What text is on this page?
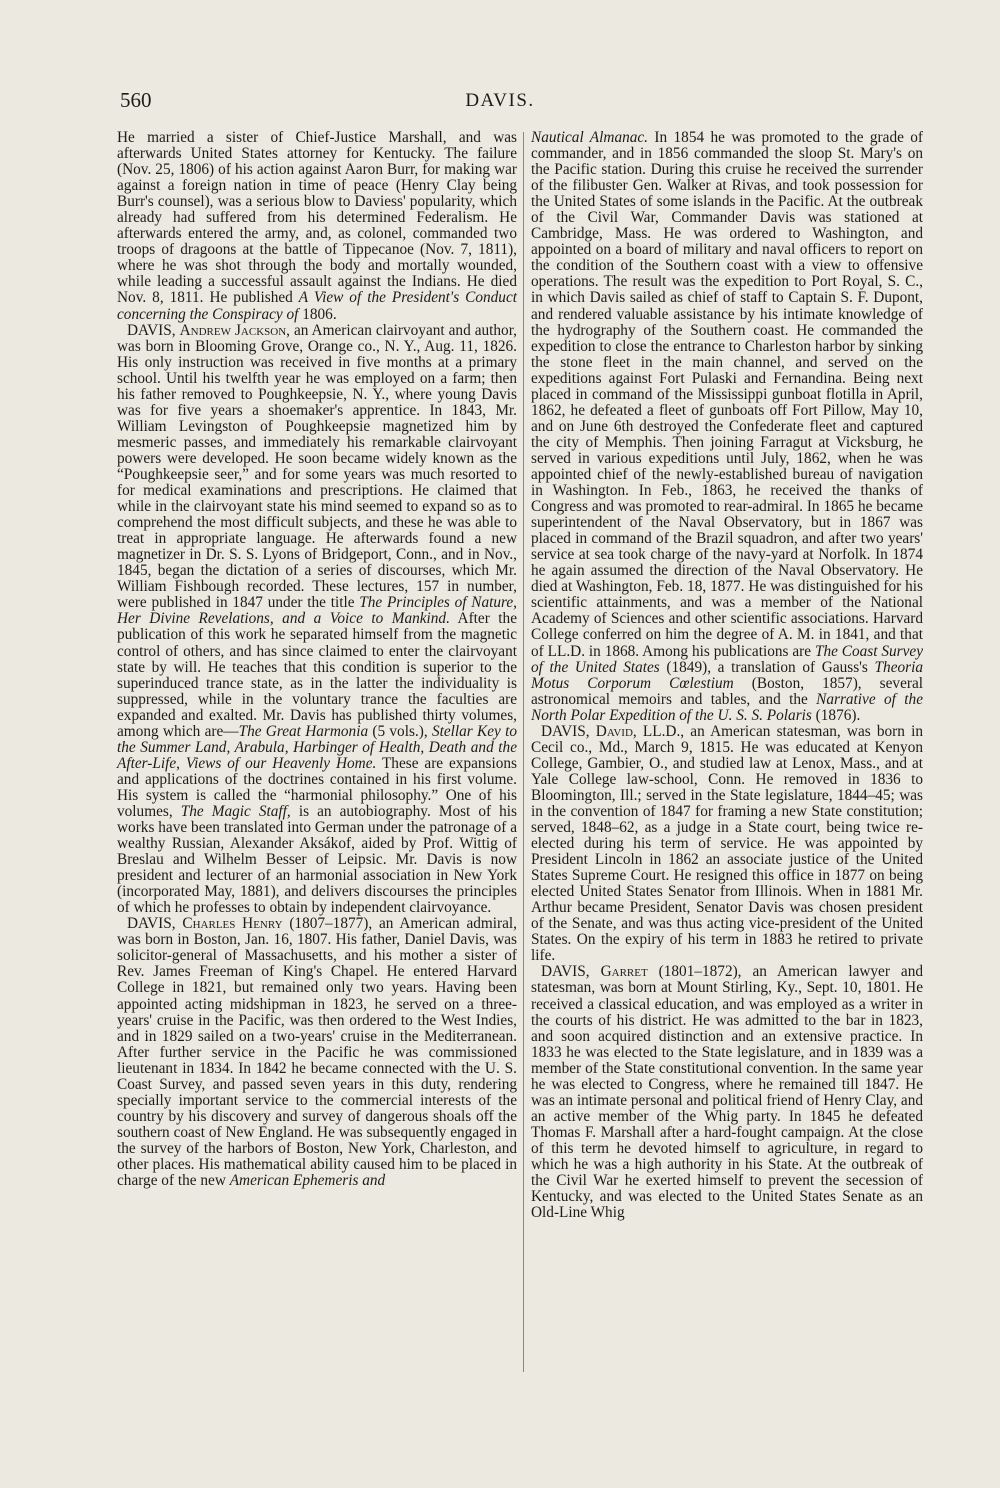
560	DAVIS.

He married a sister of Chief-Justice Marshall, and was afterwards United States attorney for Kentucky. The failure (Nov. 25, 1806) of his action against Aaron Burr, for making war against a foreign nation in time of peace (Henry Clay being Burr's counsel), was a serious blow to Daviess' popularity, which already had suffered from his determined Federalism. He afterwards entered the army, and, as colonel, commanded two troops of dragoons at the battle of Tippecanoe (Nov. 7, 1811), where he was shot through the body and mortally wounded, while leading a successful assault against the Indians. He died Nov. 8, 1811. He published A View of the President's Conduct concerning the Conspiracy of 1806.

DAVIS, Andrew Jackson, an American clairvoyant and author, was born in Blooming Grove, Orange co., N. Y., Aug. 11, 1826. His only instruction was received in five months at a primary school. Until his twelfth year he was employed on a farm; then his father removed to Poughkeepsie, N. Y., where young Davis was for five years a shoemaker's apprentice. In 1843, Mr. William Levingston of Poughkeepsie magnetized him by mesmeric passes, and immediately his remarkable clairvoyant powers were developed. He soon became widely known as the “Poughkeepsie seer,” and for some years was much resorted to for medical examinations and prescriptions. He claimed that while in the clairvoyant state his mind seemed to expand so as to comprehend the most difficult subjects, and these he was able to treat in appropriate language. He afterwards found a new magnetizer in Dr. S. S. Lyons of Bridgeport, Conn., and in Nov., 1845, began the dictation of a series of discourses, which Mr. William Fishbough recorded. These lectures, 157 in number, were published in 1847 under the title The Principles of Nature, Her Divine Revelations, and a Voice to Mankind. After the publication of this work he separated himself from the magnetic control of others, and has since claimed to enter the clairvoyant state by will. He teaches that this condition is superior to the superinduced trance state, as in the latter the individuality is suppressed, while in the voluntary trance the faculties are expanded and exalted. Mr. Davis has published thirty volumes, among which are—The Great Harmonia (5 vols.), Stellar Key to the Summer Land, Arabula, Harbinger of Health, Death and the After-Life, Views of our Heavenly Home. These are expansions and applications of the doctrines contained in his first volume. His system is called the “harmonial philosophy.” One of his volumes, The Magic Staff, is an autobiography. Most of his works have been translated into German under the patronage of a wealthy Russian, Alexander Aksákof, aided by Prof. Wittig of Breslau and Wilhelm Besser of Leipsic. Mr. Davis is now president and lecturer of an harmonial association in New York (incorporated May, 1881), and delivers discourses the principles of which he professes to obtain by independent clairvoyance.

DAVIS, Charles Henry (1807–1877), an American admiral, was born in Boston, Jan. 16, 1807. His father, Daniel Davis, was solicitor-general of Massachusetts, and his mother a sister of Rev. James Freeman of King's Chapel. He entered Harvard College in 1821, but remained only two years. Having been appointed acting midshipman in 1823, he served on a three-years' cruise in the Pacific, was then ordered to the West Indies, and in 1829 sailed on a two-years' cruise in the Mediterranean. After further service in the Pacific he was commissioned lieutenant in 1834. In 1842 he became connected with the U. S. Coast Survey, and passed seven years in this duty, rendering specially important service to the commercial interests of the country by his discovery and survey of dangerous shoals off the southern coast of New England. He was subsequently engaged in the survey of the harbors of Boston, New York, Charleston, and other places. His mathematical ability caused him to be placed in charge of the new American Ephemeris and

Nautical Almanac. In 1854 he was promoted to the grade of commander, and in 1856 commanded the sloop St. Mary's on the Pacific station. During this cruise he received the surrender of the filibuster Gen. Walker at Rivas, and took possession for the United States of some islands in the Pacific. At the outbreak of the Civil War, Commander Davis was stationed at Cambridge, Mass. He was ordered to Washington, and appointed on a board of military and naval officers to report on the condition of the Southern coast with a view to offensive operations. The result was the expedition to Port Royal, S. C., in which Davis sailed as chief of staff to Captain S. F. Dupont, and rendered valuable assistance by his intimate knowledge of the hydrography of the Southern coast. He commanded the expedition to close the entrance to Charleston harbor by sinking the stone fleet in the main channel, and served on the expeditions against Fort Pulaski and Fernandina. Being next placed in command of the Mississippi gunboat flotilla in April, 1862, he defeated a fleet of gunboats off Fort Pillow, May 10, and on June 6th destroyed the Confederate fleet and captured the city of Memphis. Then joining Farragut at Vicksburg, he served in various expeditions until July, 1862, when he was appointed chief of the newly-established bureau of navigation in Washington. In Feb., 1863, he received the thanks of Congress and was promoted to rear-admiral. In 1865 he became superintendent of the Naval Observatory, but in 1867 was placed in command of the Brazil squadron, and after two years' service at sea took charge of the navy-yard at Norfolk. In 1874 he again assumed the direction of the Naval Observatory. He died at Washington, Feb. 18, 1877. He was distinguished for his scientific attainments, and was a member of the National Academy of Sciences and other scientific associations. Harvard College conferred on him the degree of A. M. in 1841, and that of LL.D. in 1868. Among his publications are The Coast Survey of the United States (1849), a translation of Gauss's Theoria Motus Corporum Cœlestium (Boston, 1857), several astronomical memoirs and tables, and the Narrative of the North Polar Expedition of the U. S. S. Polaris (1876).

DAVIS, David, LL.D., an American statesman, was born in Cecil co., Md., March 9, 1815. He was educated at Kenyon College, Gambier, O., and studied law at Lenox, Mass., and at Yale College law-school, Conn. He removed in 1836 to Bloomington, Ill.; served in the State legislature, 1844–45; was in the convention of 1847 for framing a new State constitution; served, 1848–62, as a judge in a State court, being twice re-elected during his term of service. He was appointed by President Lincoln in 1862 an associate justice of the United States Supreme Court. He resigned this office in 1877 on being elected United States Senator from Illinois. When in 1881 Mr. Arthur became President, Senator Davis was chosen president of the Senate, and was thus acting vice-president of the United States. On the expiry of his term in 1883 he retired to private life.

DAVIS, Garret (1801–1872), an American lawyer and statesman, was born at Mount Stirling, Ky., Sept. 10, 1801. He received a classical education, and was employed as a writer in the courts of his district. He was admitted to the bar in 1823, and soon acquired distinction and an extensive practice. In 1833 he was elected to the State legislature, and in 1839 was a member of the State constitutional convention. In the same year he was elected to Congress, where he remained till 1847. He was an intimate personal and political friend of Henry Clay, and an active member of the Whig party. In 1845 he defeated Thomas F. Marshall after a hard-fought campaign. At the close of this term he devoted himself to agriculture, in regard to which he was a high authority in his State. At the outbreak of the Civil War he exerted himself to prevent the secession of Kentucky, and was elected to the United States Senate as an Old-Line Whig
